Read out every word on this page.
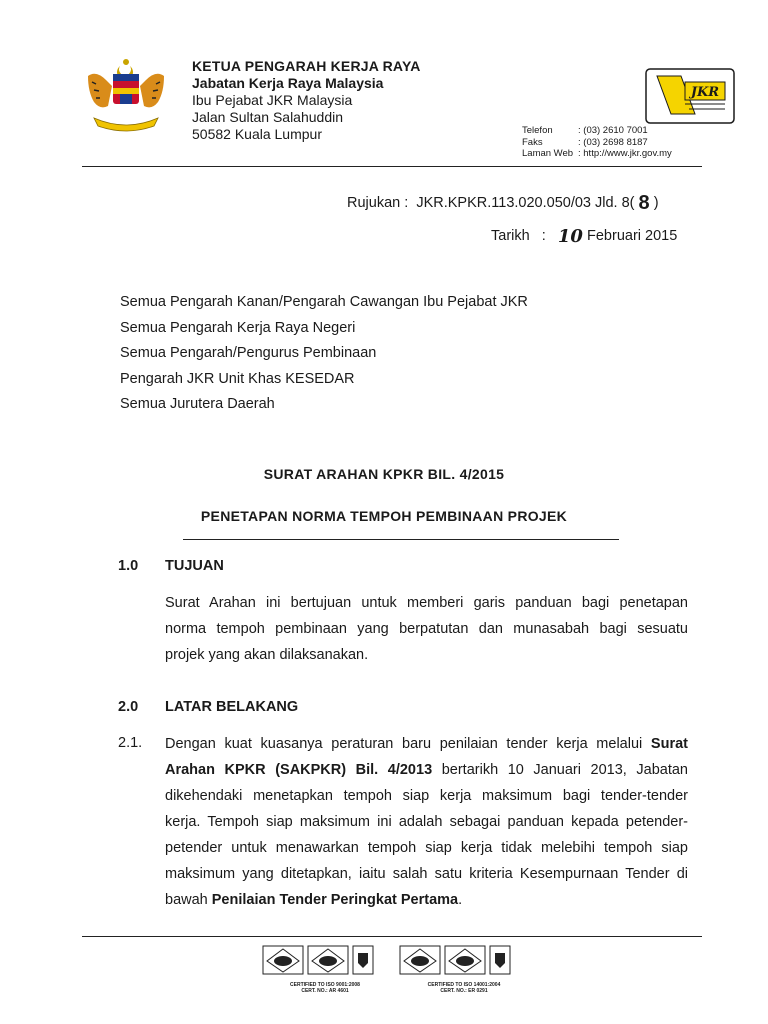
KETUA PENGARAH KERJA RAYA
Jabatan Kerja Raya Malaysia
Ibu Pejabat JKR Malaysia
Jalan Sultan Salahuddin
50582 Kuala Lumpur
JKR
Telefon	: (03) 2610 7001
Faks	: (03) 2698 8187
Laman Web : http://www.jkr.gov.my
Rujukan : JKR.KPKR.113.020.050/03 Jld. 8( 8 )
Tarikh : 10 Februari 2015
Semua Pengarah Kanan/Pengarah Cawangan Ibu Pejabat JKR
Semua Pengarah Kerja Raya Negeri
Semua Pengarah/Pengurus Pembinaan
Pengarah JKR Unit Khas KESEDAR
Semua Jurutera Daerah
SURAT ARAHAN KPKR BIL. 4/2015
PENETAPAN NORMA TEMPOH PEMBINAAN PROJEK
1.0 TUJUAN
Surat Arahan ini bertujuan untuk memberi garis panduan bagi penetapan
norma tempoh pembinaan yang berpatutan dan munasabah bagi sesuatu
projek yang akan dilaksanakan.
2.0 LATAR BELAKANG
2.1. Dengan kuat kuasanya peraturan baru penilaian tender kerja melalui Surat
Arahan KPKR (SAKPKR) Bil. 4/2013 bertarikh 10 Januari 2013, Jabatan
dikehendaki menetapkan tempoh siap kerja maksimum bagi tender-tender
kerja. Tempoh siap maksimum ini adalah sebagai panduan kepada petender-
petender untuk menawarkan tempoh siap kerja tidak melebihi tempoh siap
maksimum yang ditetapkan, iaitu salah satu kriteria Kesempurnaan Tender di
bawah Penilaian Tender Peringkat Pertama.
CERTIFIED TO ISO 9001:2008
CERT. NO.: AR 4601
CERTIFIED TO ISO 14001:2004
CERT. NO.: ER 0291
